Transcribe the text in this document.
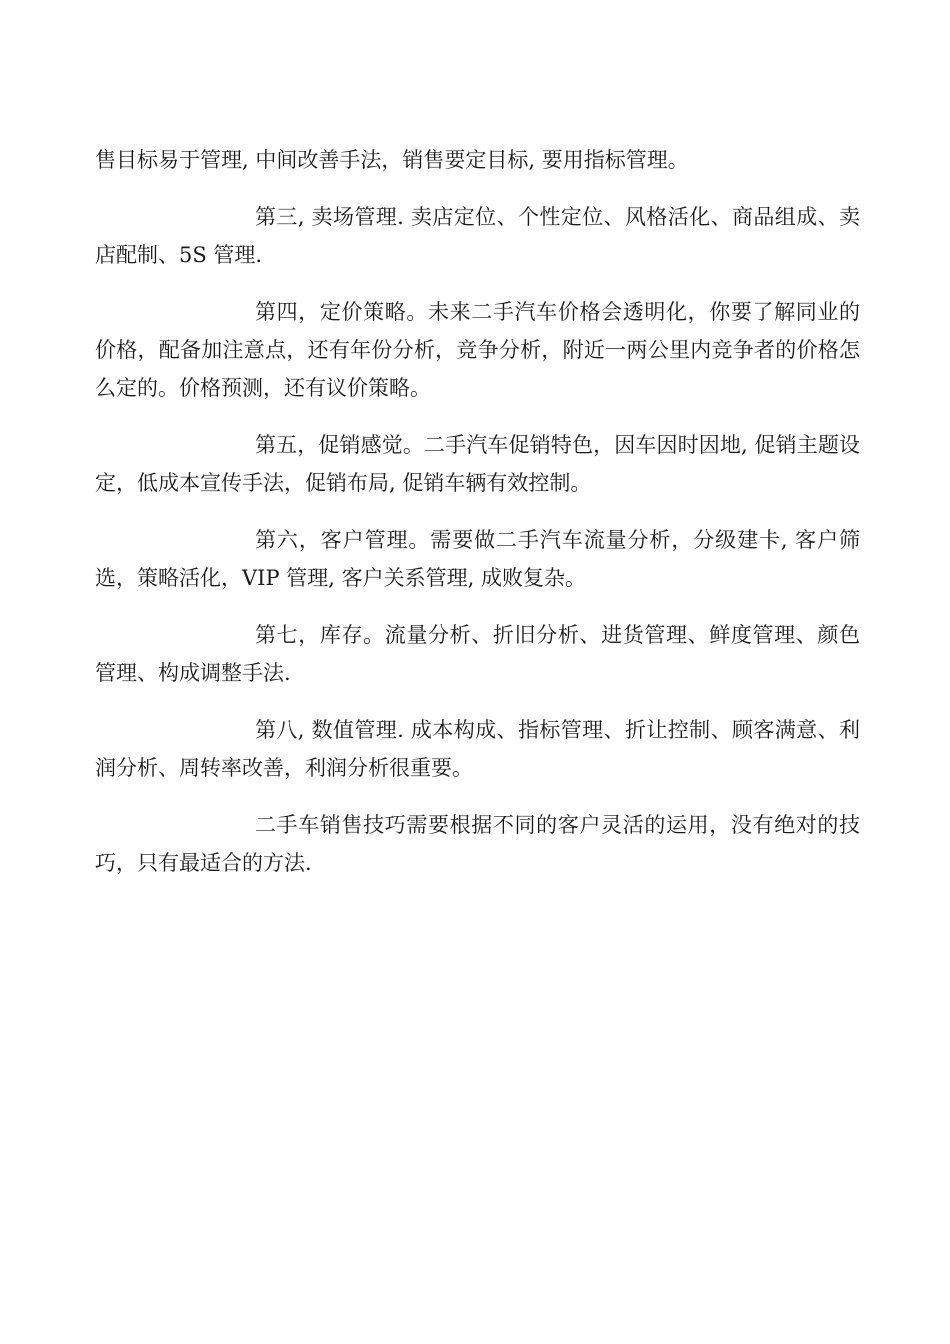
售目标易于管理, 中间改善手法，销售要定目标, 要用指标管理。

第三, 卖场管理. 卖店定位、个性定位、风格活化、商品组成、卖店配制、5S 管理.

第四，定价策略。未来二手汽车价格会透明化，你要了解同业的价格，配备加注意点，还有年份分析，竞争分析，附近一两公里内竞争者的价格怎么定的。价格预测，还有议价策略。

第五，促销感觉。二手汽车促销特色，因车因时因地, 促销主题设定，低成本宣传手法，促销布局, 促销车辆有效控制。

第六，客户管理。需要做二手汽车流量分析，分级建卡, 客户筛选，策略活化，VIP 管理, 客户关系管理, 成败复杂。

第七，库存。流量分析、折旧分析、进货管理、鲜度管理、颜色管理、构成调整手法.

第八, 数值管理. 成本构成、指标管理、折让控制、顾客满意、利润分析、周转率改善，利润分析很重要。

二手车销售技巧需要根据不同的客户灵活的运用，没有绝对的技巧，只有最适合的方法.
